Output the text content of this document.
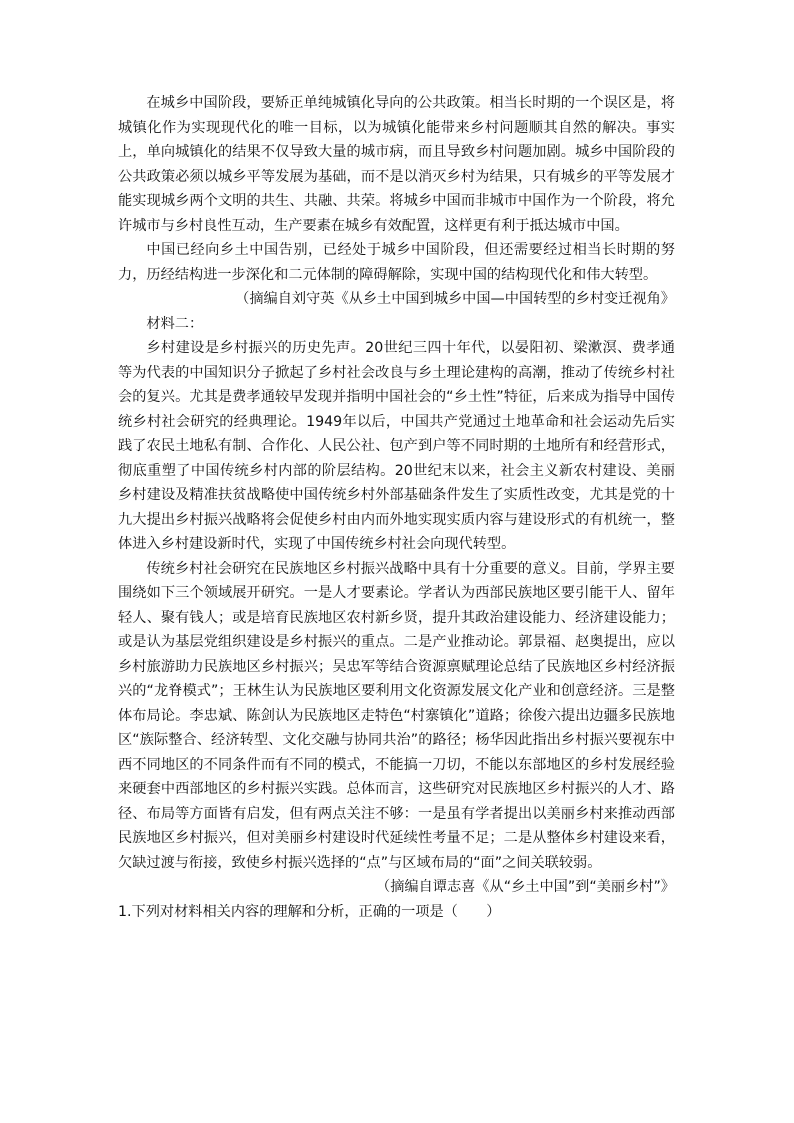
在城乡中国阶段，要矫正单纯城镇化导向的公共政策。相当长时期的一个误区是，将城镇化作为实现现代化的唯一目标，以为城镇化能带来乡村问题顺其自然的解决。事实上，单向城镇化的结果不仅导致大量的城市病，而且导致乡村问题加剧。城乡中国阶段的公共政策必须以城乡平等发展为基础，而不是以消灭乡村为结果，只有城乡的平等发展才能实现城乡两个文明的共生、共融、共荣。将城乡中国而非城市中国作为一个阶段，将允许城市与乡村良性互动，生产要素在城乡有效配置，这样更有利于抵达城市中国。

中国已经向乡土中国告别，已经处于城乡中国阶段，但还需要经过相当长时期的努力，历经结构进一步深化和二元体制的障碍解除，实现中国的结构现代化和伟大转型。

（摘编自刘守英《从乡土中国到城乡中国—中国转型的乡村变迁视角》

材料二：

乡村建设是乡村振兴的历史先声。20世纪三四十年代，以晏阳初、梁漱溟、费孝通等为代表的中国知识分子掀起了乡村社会改良与乡土理论建构的高潮，推动了传统乡村社会的复兴。尤其是费孝通较早发现并指明中国社会的“乡土性”特征，后来成为指导中国传统乡村社会研究的经典理论。1949年以后，中国共产党通过土地革命和社会运动先后实践了农民土地私有制、合作化、人民公社、包产到户等不同时期的土地所有和经营形式，彻底重塑了中国传统乡村内部的阶层结构。20世纪末以来，社会主义新农村建设、美丽乡村建设及精准扶贫战略使中国传统乡村外部基础条件发生了实质性改变，尤其是党的十九大提出乡村振兴战略将会促使乡村由内而外地实现实质内容与建设形式的有机统一，整体进入乡村建设新时代，实现了中国传统乡村社会向现代转型。

传统乡村社会研究在民族地区乡村振兴战略中具有十分重要的意义。目前，学界主要围绕如下三个领域展开研究。一是人才要素论。学者认为西部民族地区要引能干人、留年轻人、聚有钱人；或是培育民族地区农村新乡贤，提升其政治建设能力、经济建设能力；或是认为基层党组织建设是乡村振兴的重点。二是产业推动论。郭景福、赵奥提出，应以乡村旅游助力民族地区乡村振兴；吴忠军等结合资源禀赋理论总结了民族地区乡村经济振兴的“龙脊模式”；王林生认为民族地区要利用文化资源发展文化产业和创意经济。三是整体布局论。李忠斌、陈剑认为民族地区走特色“村寨镇化”道路；徐俊六提出边疆多民族地区“族际整合、经济转型、文化交融与协同共治”的路径；杨华因此指出乡村振兴要视东中西不同地区的不同条件而有不同的模式，不能搞一刀切，不能以东部地区的乡村发展经验来硬套中西部地区的乡村振兴实践。总体而言，这些研究对民族地区乡村振兴的人才、路径、布局等方面皆有启发，但有两点关注不够：一是虽有学者提出以美丽乡村来推动西部民族地区乡村振兴，但对美丽乡村建设时代延续性考量不足；二是从整体乡村建设来看，欠缺过渡与衔接，致使乡村振兴选择的“点”与区域布局的“面”之间关联较弱。

（摘编自谭志喜《从“乡土中国”到“美丽乡村”》

1.下列对材料相关内容的理解和分析，正确的一项是（　　）
